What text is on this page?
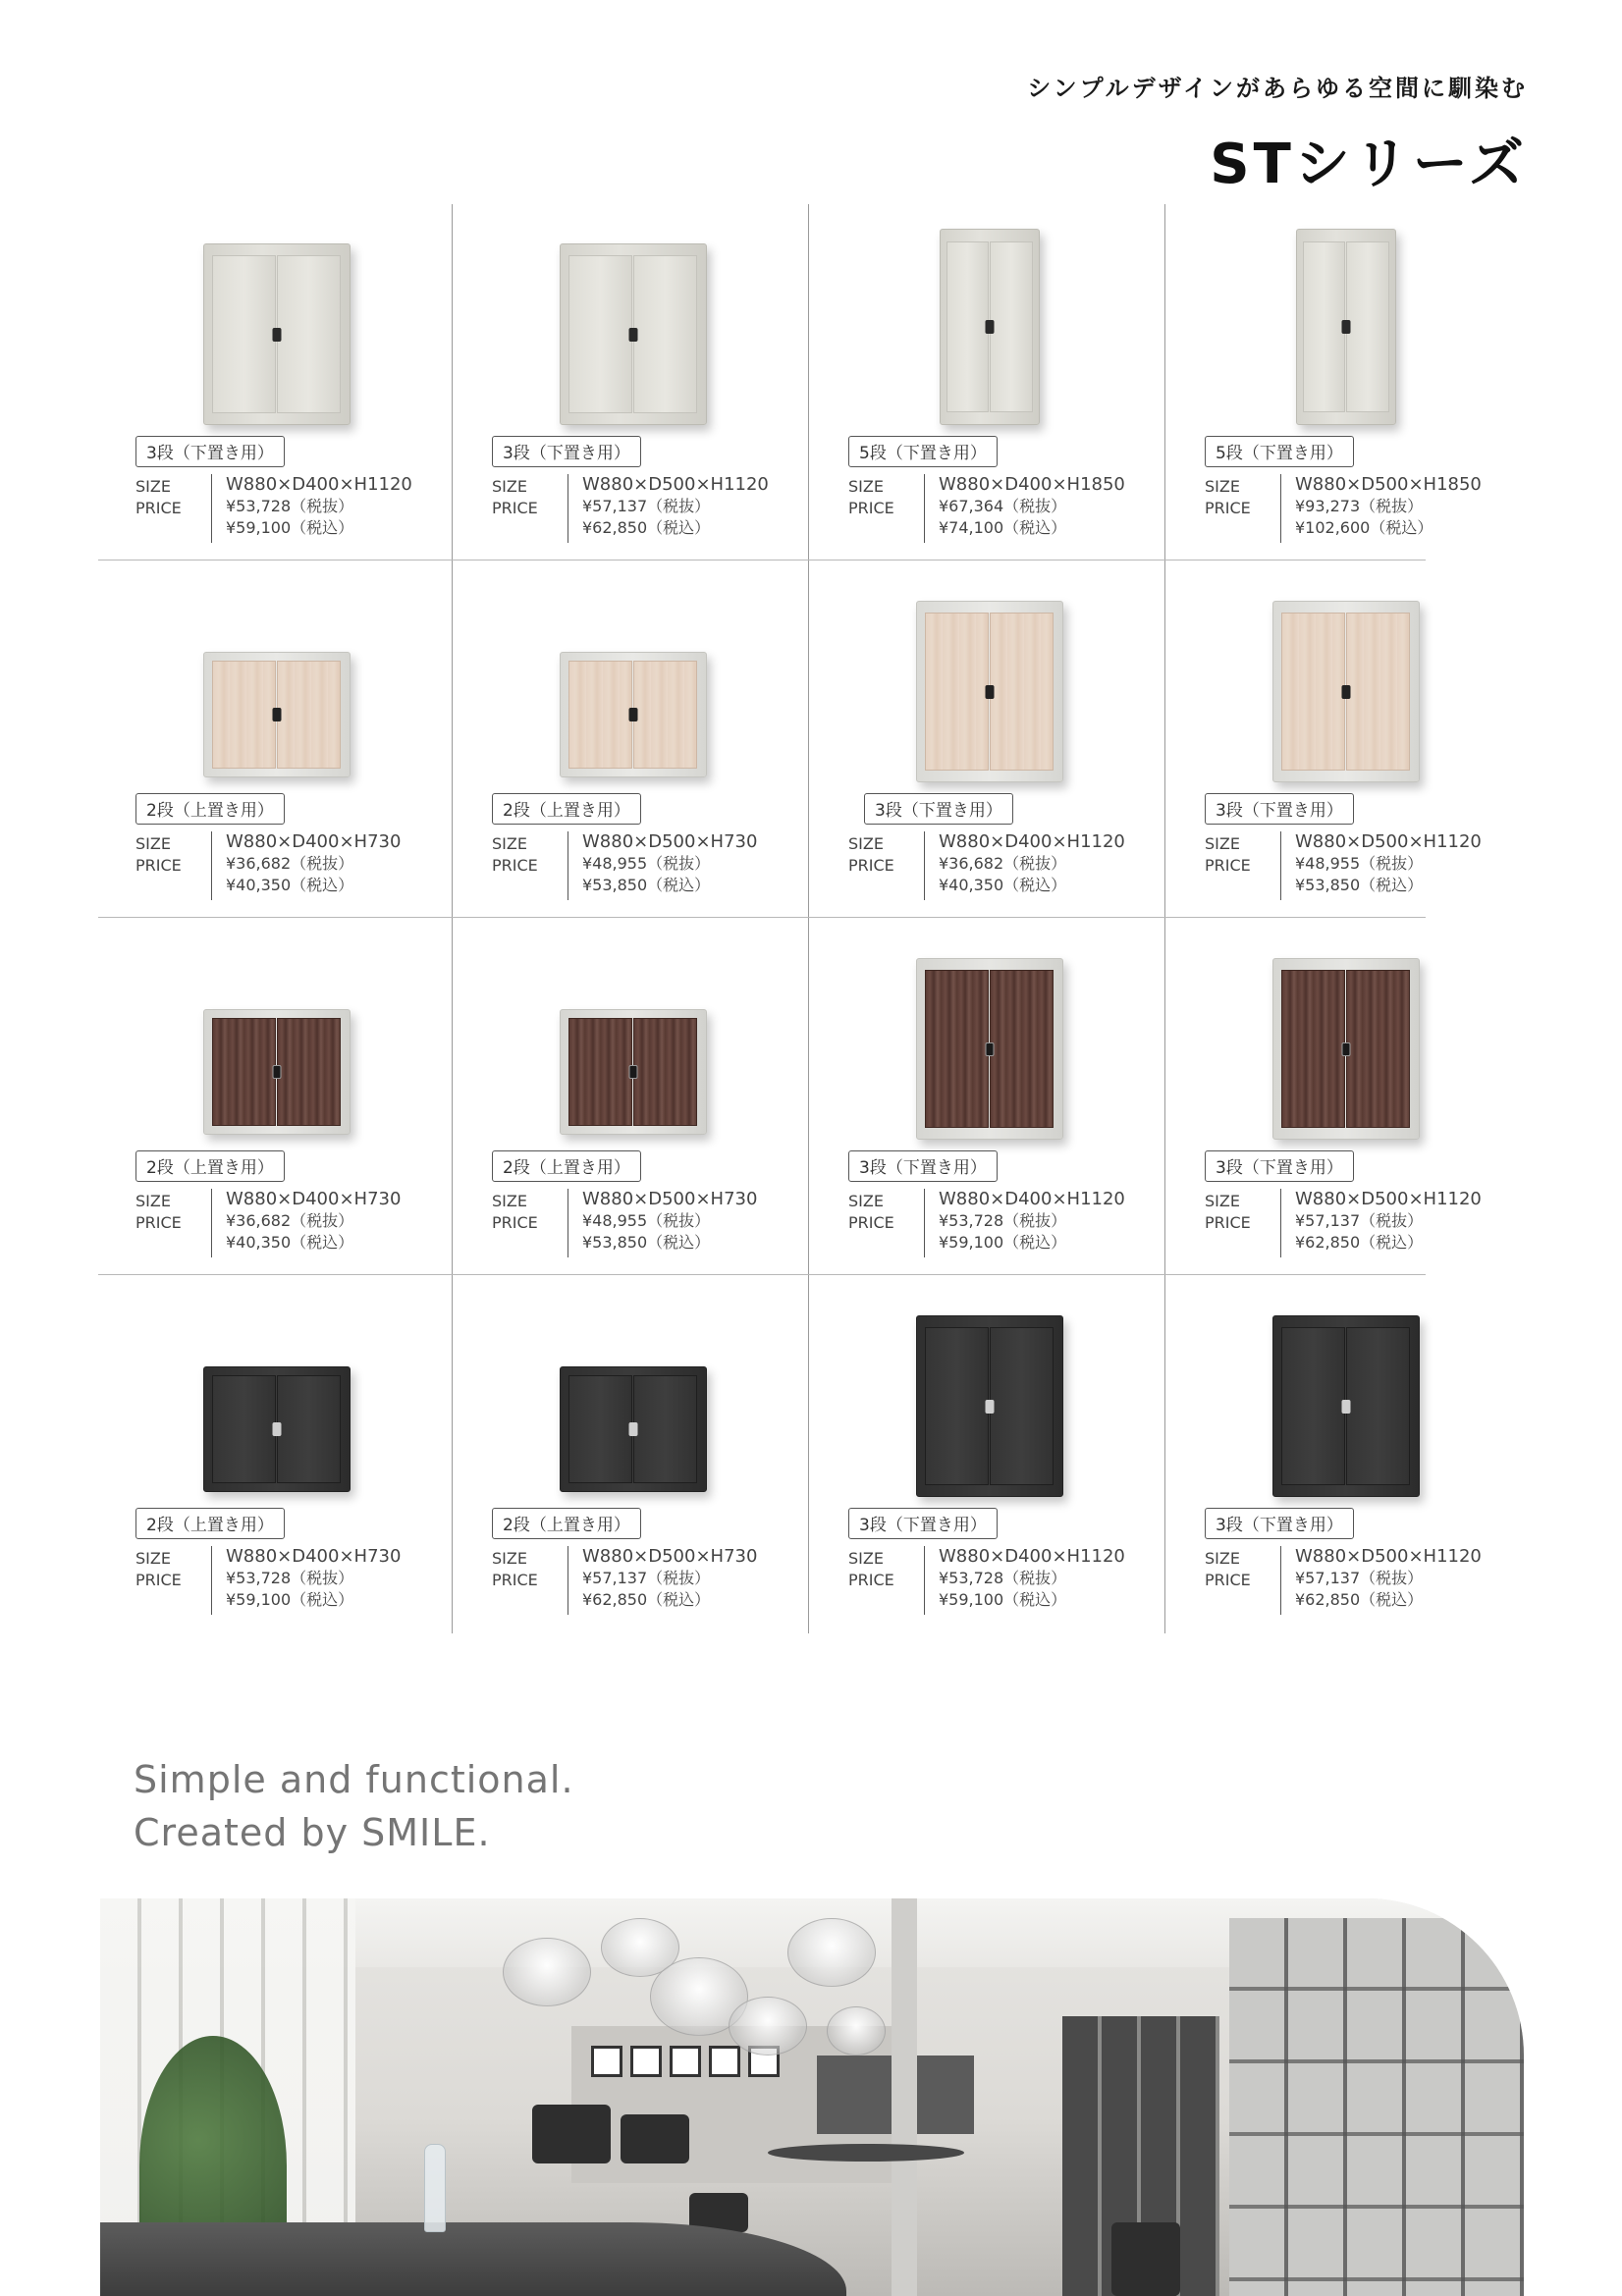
シンプルデザインがあらゆる空間に馴染む
STシリーズ
3段（下置き用）
SIZE
PRICE
W880×D400×H1120
¥53,728（税抜）
¥59,100（税込）
3段（下置き用）
SIZE
PRICE
W880×D500×H1120
¥57,137（税抜）
¥62,850（税込）
5段（下置き用）
SIZE
PRICE
W880×D400×H1850
¥67,364（税抜）
¥74,100（税込）
5段（下置き用）
SIZE
PRICE
W880×D500×H1850
¥93,273（税抜）
¥102,600（税込）
2段（上置き用）
SIZE
PRICE
W880×D400×H730
¥36,682（税抜）
¥40,350（税込）
2段（上置き用）
SIZE
PRICE
W880×D500×H730
¥48,955（税抜）
¥53,850（税込）
3段（下置き用）
SIZE
PRICE
W880×D400×H1120
¥36,682（税抜）
¥40,350（税込）
3段（下置き用）
SIZE
PRICE
W880×D500×H1120
¥48,955（税抜）
¥53,850（税込）
2段（上置き用）
SIZE
PRICE
W880×D400×H730
¥36,682（税抜）
¥40,350（税込）
2段（上置き用）
SIZE
PRICE
W880×D500×H730
¥48,955（税抜）
¥53,850（税込）
3段（下置き用）
SIZE
PRICE
W880×D400×H1120
¥53,728（税抜）
¥59,100（税込）
3段（下置き用）
SIZE
PRICE
W880×D500×H1120
¥57,137（税抜）
¥62,850（税込）
2段（上置き用）
SIZE
PRICE
W880×D400×H730
¥53,728（税抜）
¥59,100（税込）
2段（上置き用）
SIZE
PRICE
W880×D500×H730
¥57,137（税抜）
¥62,850（税込）
3段（下置き用）
SIZE
PRICE
W880×D400×H1120
¥53,728（税抜）
¥59,100（税込）
3段（下置き用）
SIZE
PRICE
W880×D500×H1120
¥57,137（税抜）
¥62,850（税込）
Simple and functional.
Created by SMILE.
